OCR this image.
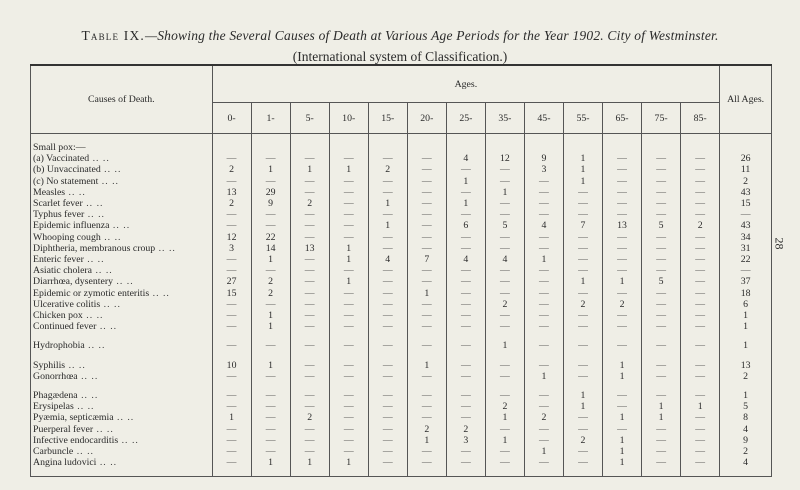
Table IX.—Showing the Several Causes of Death at Various Age Periods for the Year 1902. City of Westminster.
(International system of Classification.)
28
Causes of Death.	Ages.													All Ages.
	0-	1-	5-	10-	15-	20-	25-	35-	45-	55-	65-	75-	85-	

Small pox:—														
(a) Vaccinated .. ..	—	—	—	—	—	—	4	12	9	1	—	—	—	26
(b) Unvaccinated .. ..	2	1	1	1	2	—	—	—	3	1	—	—	—	11
(c) No statement .. ..	—	—	—	—	—	—	1	—	—	1	—	—	—	2
Measles .. ..	13	29	—	—	—	—	—	1	—	—	—	—	—	43
Scarlet fever .. ..	2	9	2	—	1	—	1	—	—	—	—	—	—	15
Typhus fever .. ..	—	—	—	—	—	—	—	—	—	—	—	—	—	—
Epidemic influenza .. ..	—	—	—	—	1	—	6	5	4	7	13	5	2	43
Whooping cough .. ..	12	22	—	—	—	—	—	—	—	—	—	—	—	34
Diphtheria, membranous croup .. ..	3	14	13	1	—	—	—	—	—	—	—	—	—	31
Enteric fever .. ..	—	1	—	1	4	7	4	4	1	—	—	—	—	22
Asiatic cholera .. ..	—	—	—	—	—	—	—	—	—	—	—	—	—	—
Diarrhœa, dysentery .. ..	27	2	—	1	—	—	—	—	—	1	1	5	—	37
Epidemic or zymotic enteritis .. ..	15	2	—	—	—	1	—	—	—	—	—	—	—	18
Ulcerative colitis .. ..	—	—	—	—	—	—	—	2	—	2	2	—	—	6
Chicken pox .. ..	—	1	—	—	—	—	—	—	—	—	—	—	—	1
Continued fever .. ..	—	1	—	—	—	—	—	—	—	—	—	—	—	1

Hydrophobia .. ..	—	—	—	—	—	—	—	1	—	—	—	—	—	1

Syphilis .. ..	10	1	—	—	—	1	—	—	—	—	1	—	—	13
Gonorrhœa .. ..	—	—	—	—	—	—	—	—	1	—	1	—	—	2

Phagædena .. ..	—	—	—	—	—	—	—	—	—	1	—	—	—	1
Erysipelas .. ..	—	—	—	—	—	—	—	2	—	1	—	1	1	5
Pyæmia, septicæmia .. ..	1	—	2	—	—	—	—	1	2	—	1	1	—	8
Puerperal fever .. ..	—	—	—	—	—	2	2	—	—	—	—	—	—	4
Infective endocarditis .. ..	—	—	—	—	—	1	3	1	—	2	1	—	—	9
Carbuncle .. ..	—	—	—	—	—	—	—	—	1	—	1	—	—	2
Angina ludovici .. ..	—	1	1	1	—	—	—	—	—	—	1	—	—	4
